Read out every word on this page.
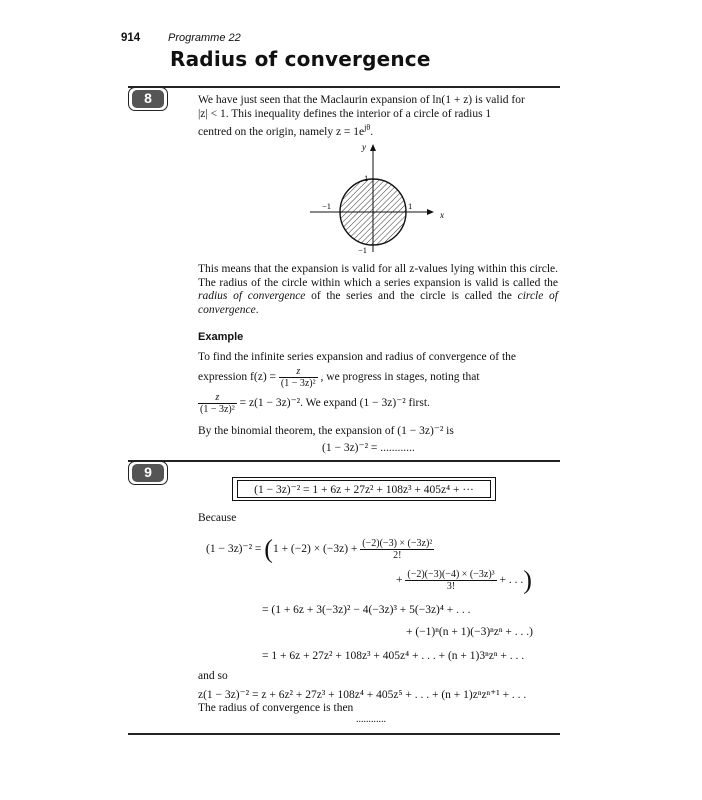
914	Programme 22
Radius of convergence
8	We have just seen that the Maclaurin expansion of ln(1 + z) is valid for
|z| < 1. This inequality defines the interior of a circle of radius 1
centred on the origin, namely $z = 1e^{j\theta}$.
y
x
1
−1
−1	1
This means that the expansion is valid for all z-values lying within this circle. The radius of the circle within which a series expansion is valid is called the radius of convergence of the series and the circle is called the circle of convergence.
Example
To find the infinite series expansion and radius of convergence of the
expression $f(z) = \frac{z}{\text{(1 − 3z)²}}$ , we progress in stages, noting that
$\frac{z}{\text{(1 − 3z)²}} = z(1 - 3z)^{-2}$. We expand (1 − 3z)⁻² first.
By the binomial theorem, the expansion of (1 − 3z)⁻² is
(1 − 3z)⁻² = ............
9
(1 − 3z)⁻² = 1 + 6z + 27z² + 108z³ + 405z⁴ + ···
Because
$(1 - 3z)^{-2} = (1 + (-2) \times (-3z) + \frac{\text{(−2)(−3) × (−3z)²}}{2!}$
+ $\frac{\text{(−2)(−3)(−4) × (−3z)³}}{3!}$ + . . .)
= (1 + 6z + 3(−3z)² − 4(−3z)³ + 5(−3z)⁴ + . . .
+ (−1)ⁿ(n + 1)(−3)ⁿzⁿ + . . .)
= 1 + 6z + 27z² + 108z³ + 405z⁴ + . . . + (n + 1)3ⁿzⁿ + . . .
and so
z(1 − 3z)⁻² = z + 6z² + 27z³ + 108z⁴ + 405z⁵ + . . . + (n + 1)zⁿzⁿ⁺¹ + . . .
The radius of convergence is then
............
